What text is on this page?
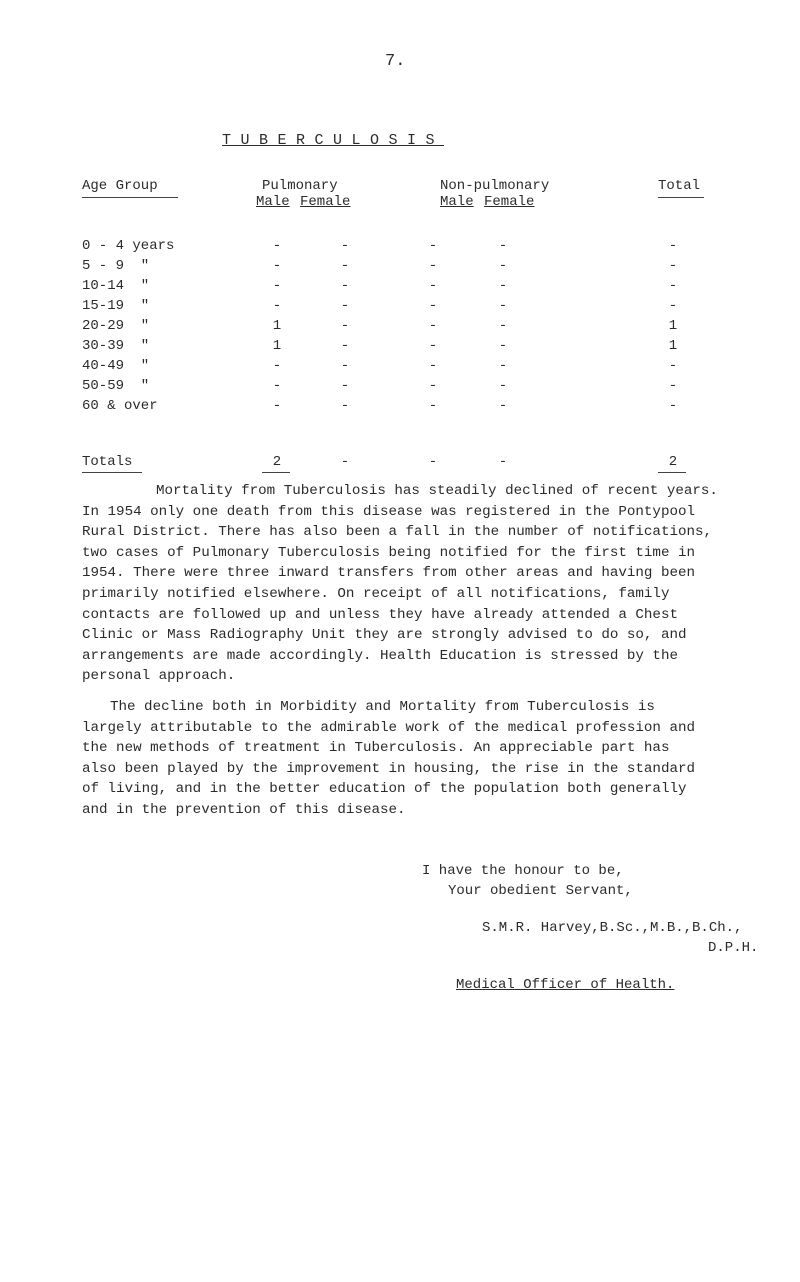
7.
TUBERCULOSIS
Age Group	Pulmonary	Non-pulmonary	Total
Male Female	Male Female
0 - 4 years	-	-	-	-	-
5 - 9  "	-	-	-	-	-
10-14  "	-	-	-	-	-
15-19  "	-	-	-	-	-
20-29  "	1	-	-	-	1
30-39  "	1	-	-	-	1
40-49  "	-	-	-	-	-
50-59  "	-	-	-	-	-
60 & over	-	-	-	-	-
Totals	2	-	-	-	2
Mortality from Tuberculosis has steadily declined of recent years.
In 1954 only one death from this disease was registered in the Pontypool
Rural District. There has also been a fall in the number of notifications,
two cases of Pulmonary Tuberculosis being notified for the first time in
1954. There were three inward transfers from other areas and having been
primarily notified elsewhere. On receipt of all notifications, family
contacts are followed up and unless they have already attended a Chest
Clinic or Mass Radiography Unit they are strongly advised to do so, and
arrangements are made accordingly. Health Education is stressed by the
personal approach.
The decline both in Morbidity and Mortality from Tuberculosis is
largely attributable to the admirable work of the medical profession and
the new methods of treatment in Tuberculosis. An appreciable part has
also been played by the improvement in housing, the rise in the standard
of living, and in the better education of the population both generally
and in the prevention of this disease.
I have the honour to be,
Your obedient Servant,
S.M.R. Harvey,B.Sc.,M.B.,B.Ch.,
D.P.H.
Medical Officer of Health.
